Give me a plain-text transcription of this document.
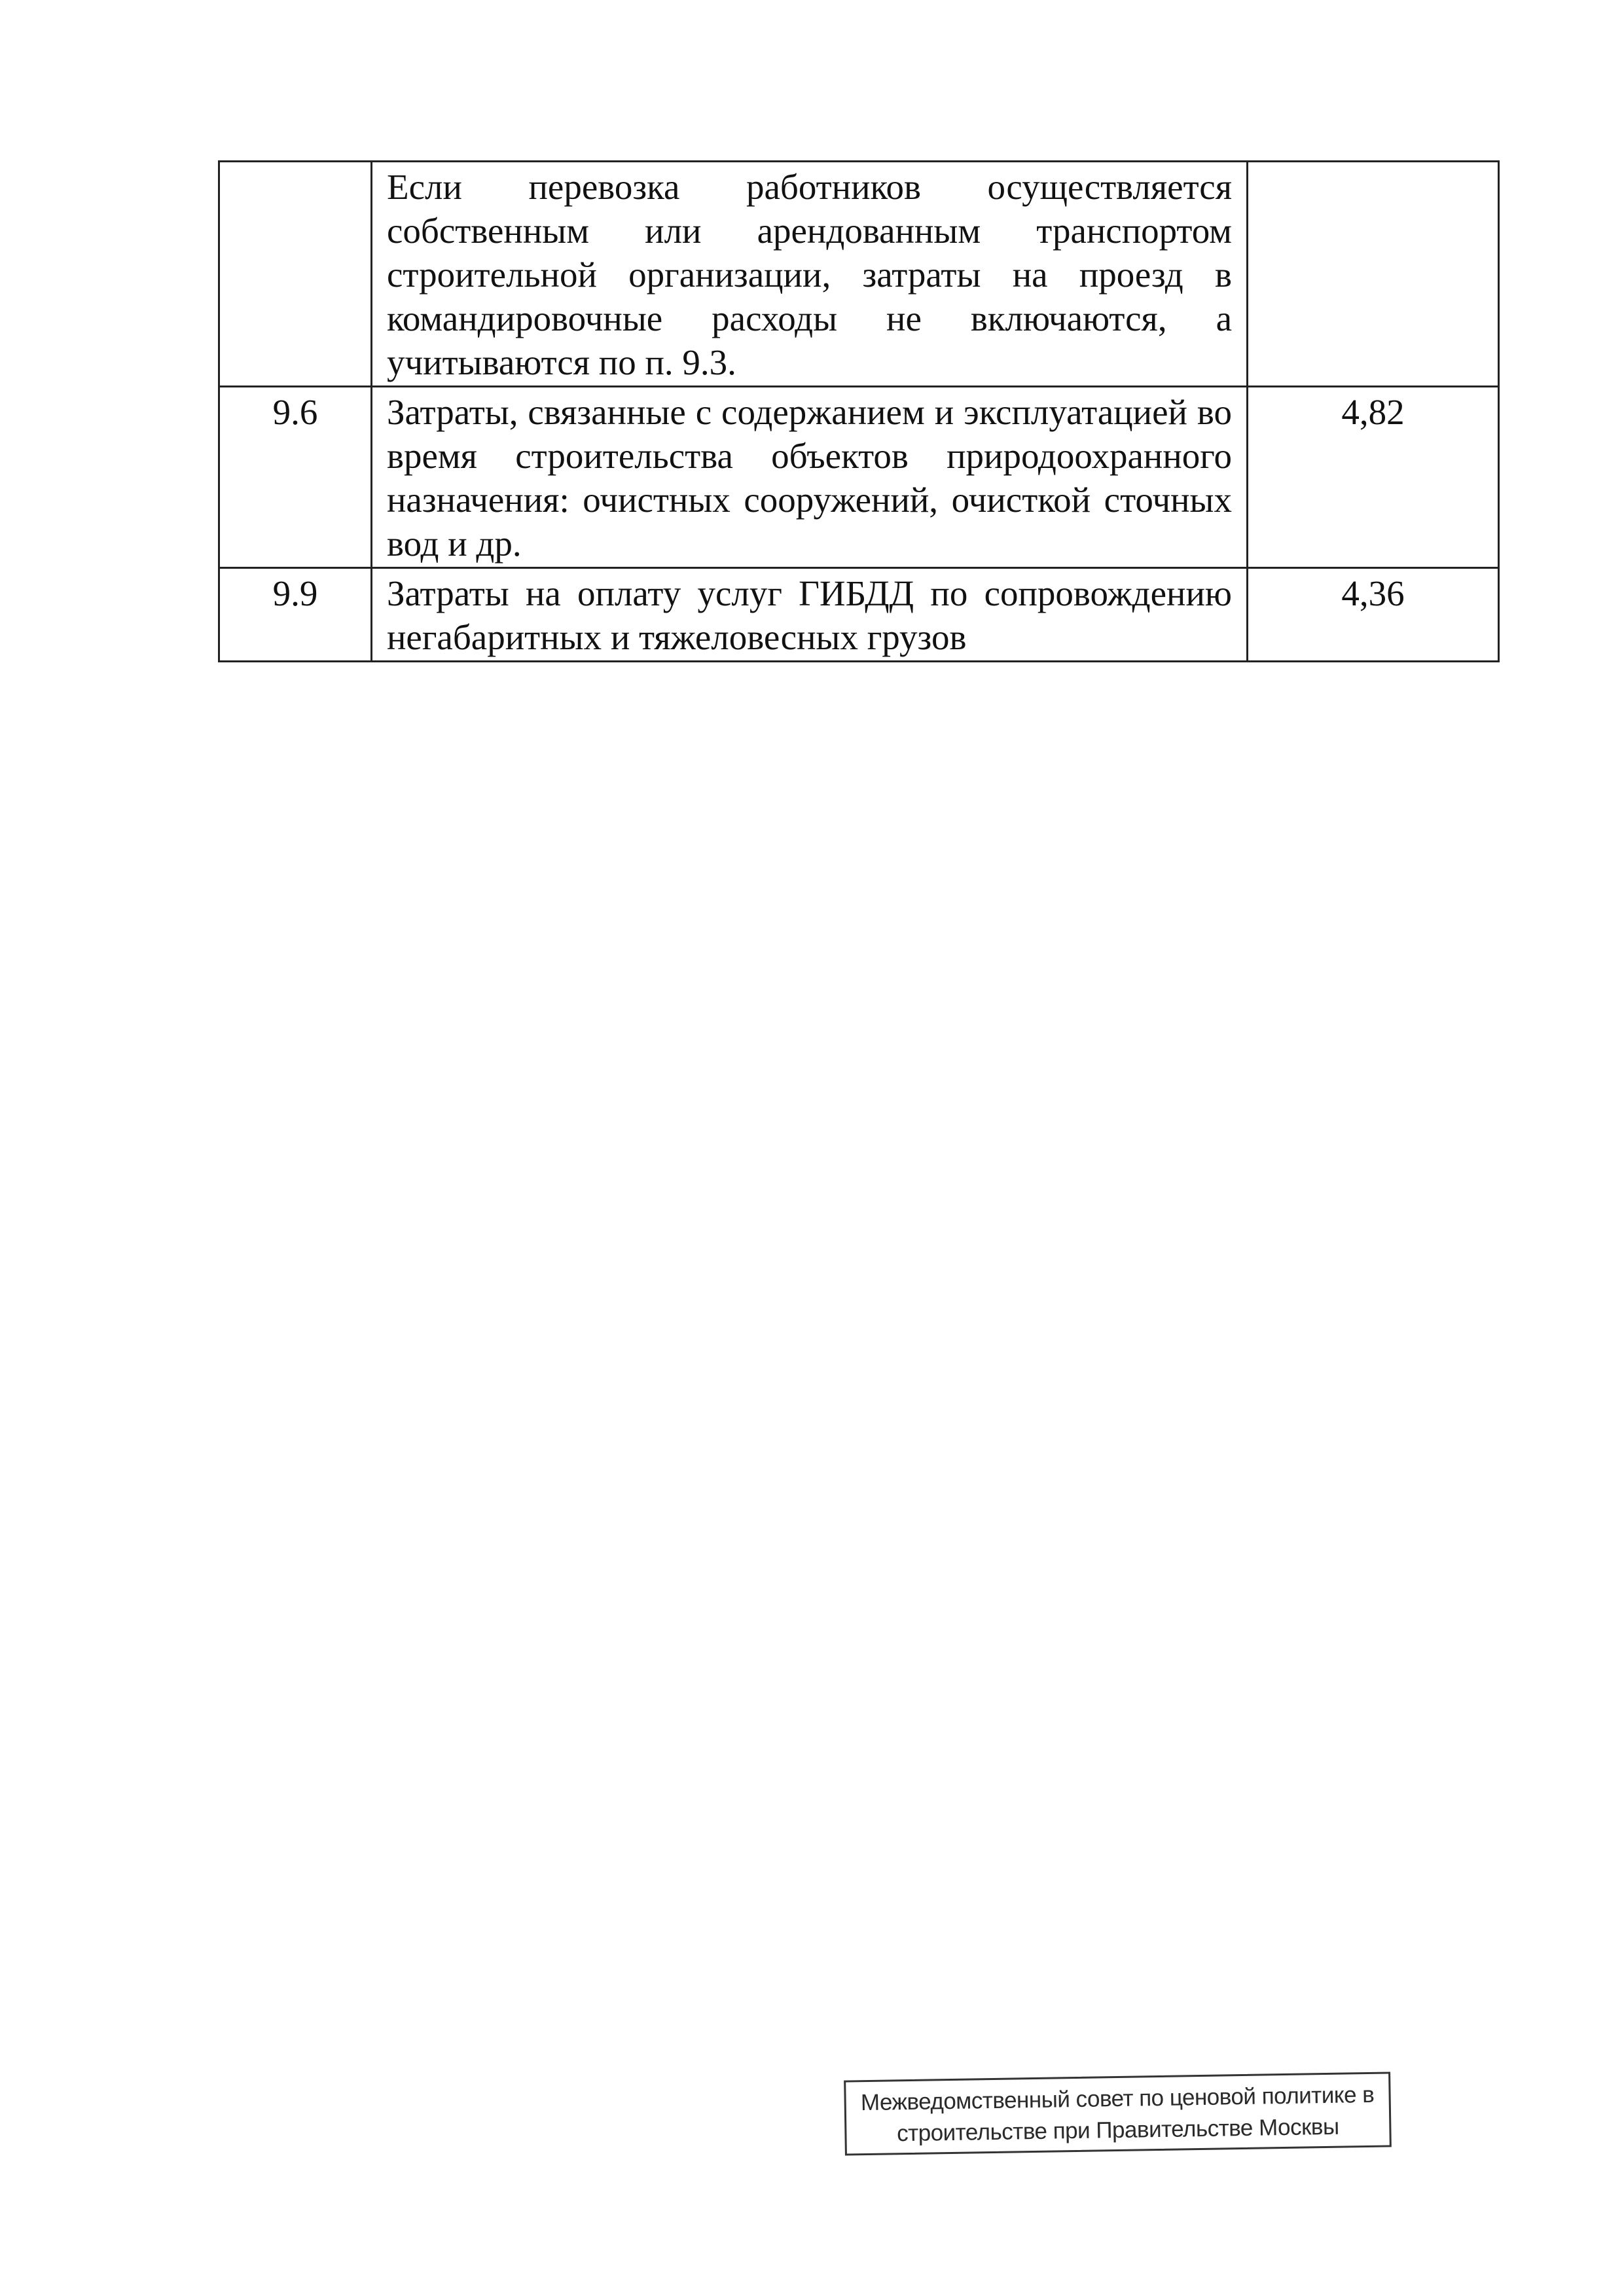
	Если перевозка работников осуществляется собственным или арендованным транспортом строительной организации, затраты на проезд в командировочные расходы не включаются, а учитываются по п. 9.3.	
9.6	Затраты, связанные с содержанием и эксплуатацией во время строительства объектов природоохранного назначения: очистных сооружений, очисткой сточных вод и др.	4,82
9.9	Затраты на оплату услуг ГИБДД по сопровождению негабаритных и тяжеловесных грузов	4,36
Межведомственный совет по ценовой политике в
строительстве при Правительстве Москвы
